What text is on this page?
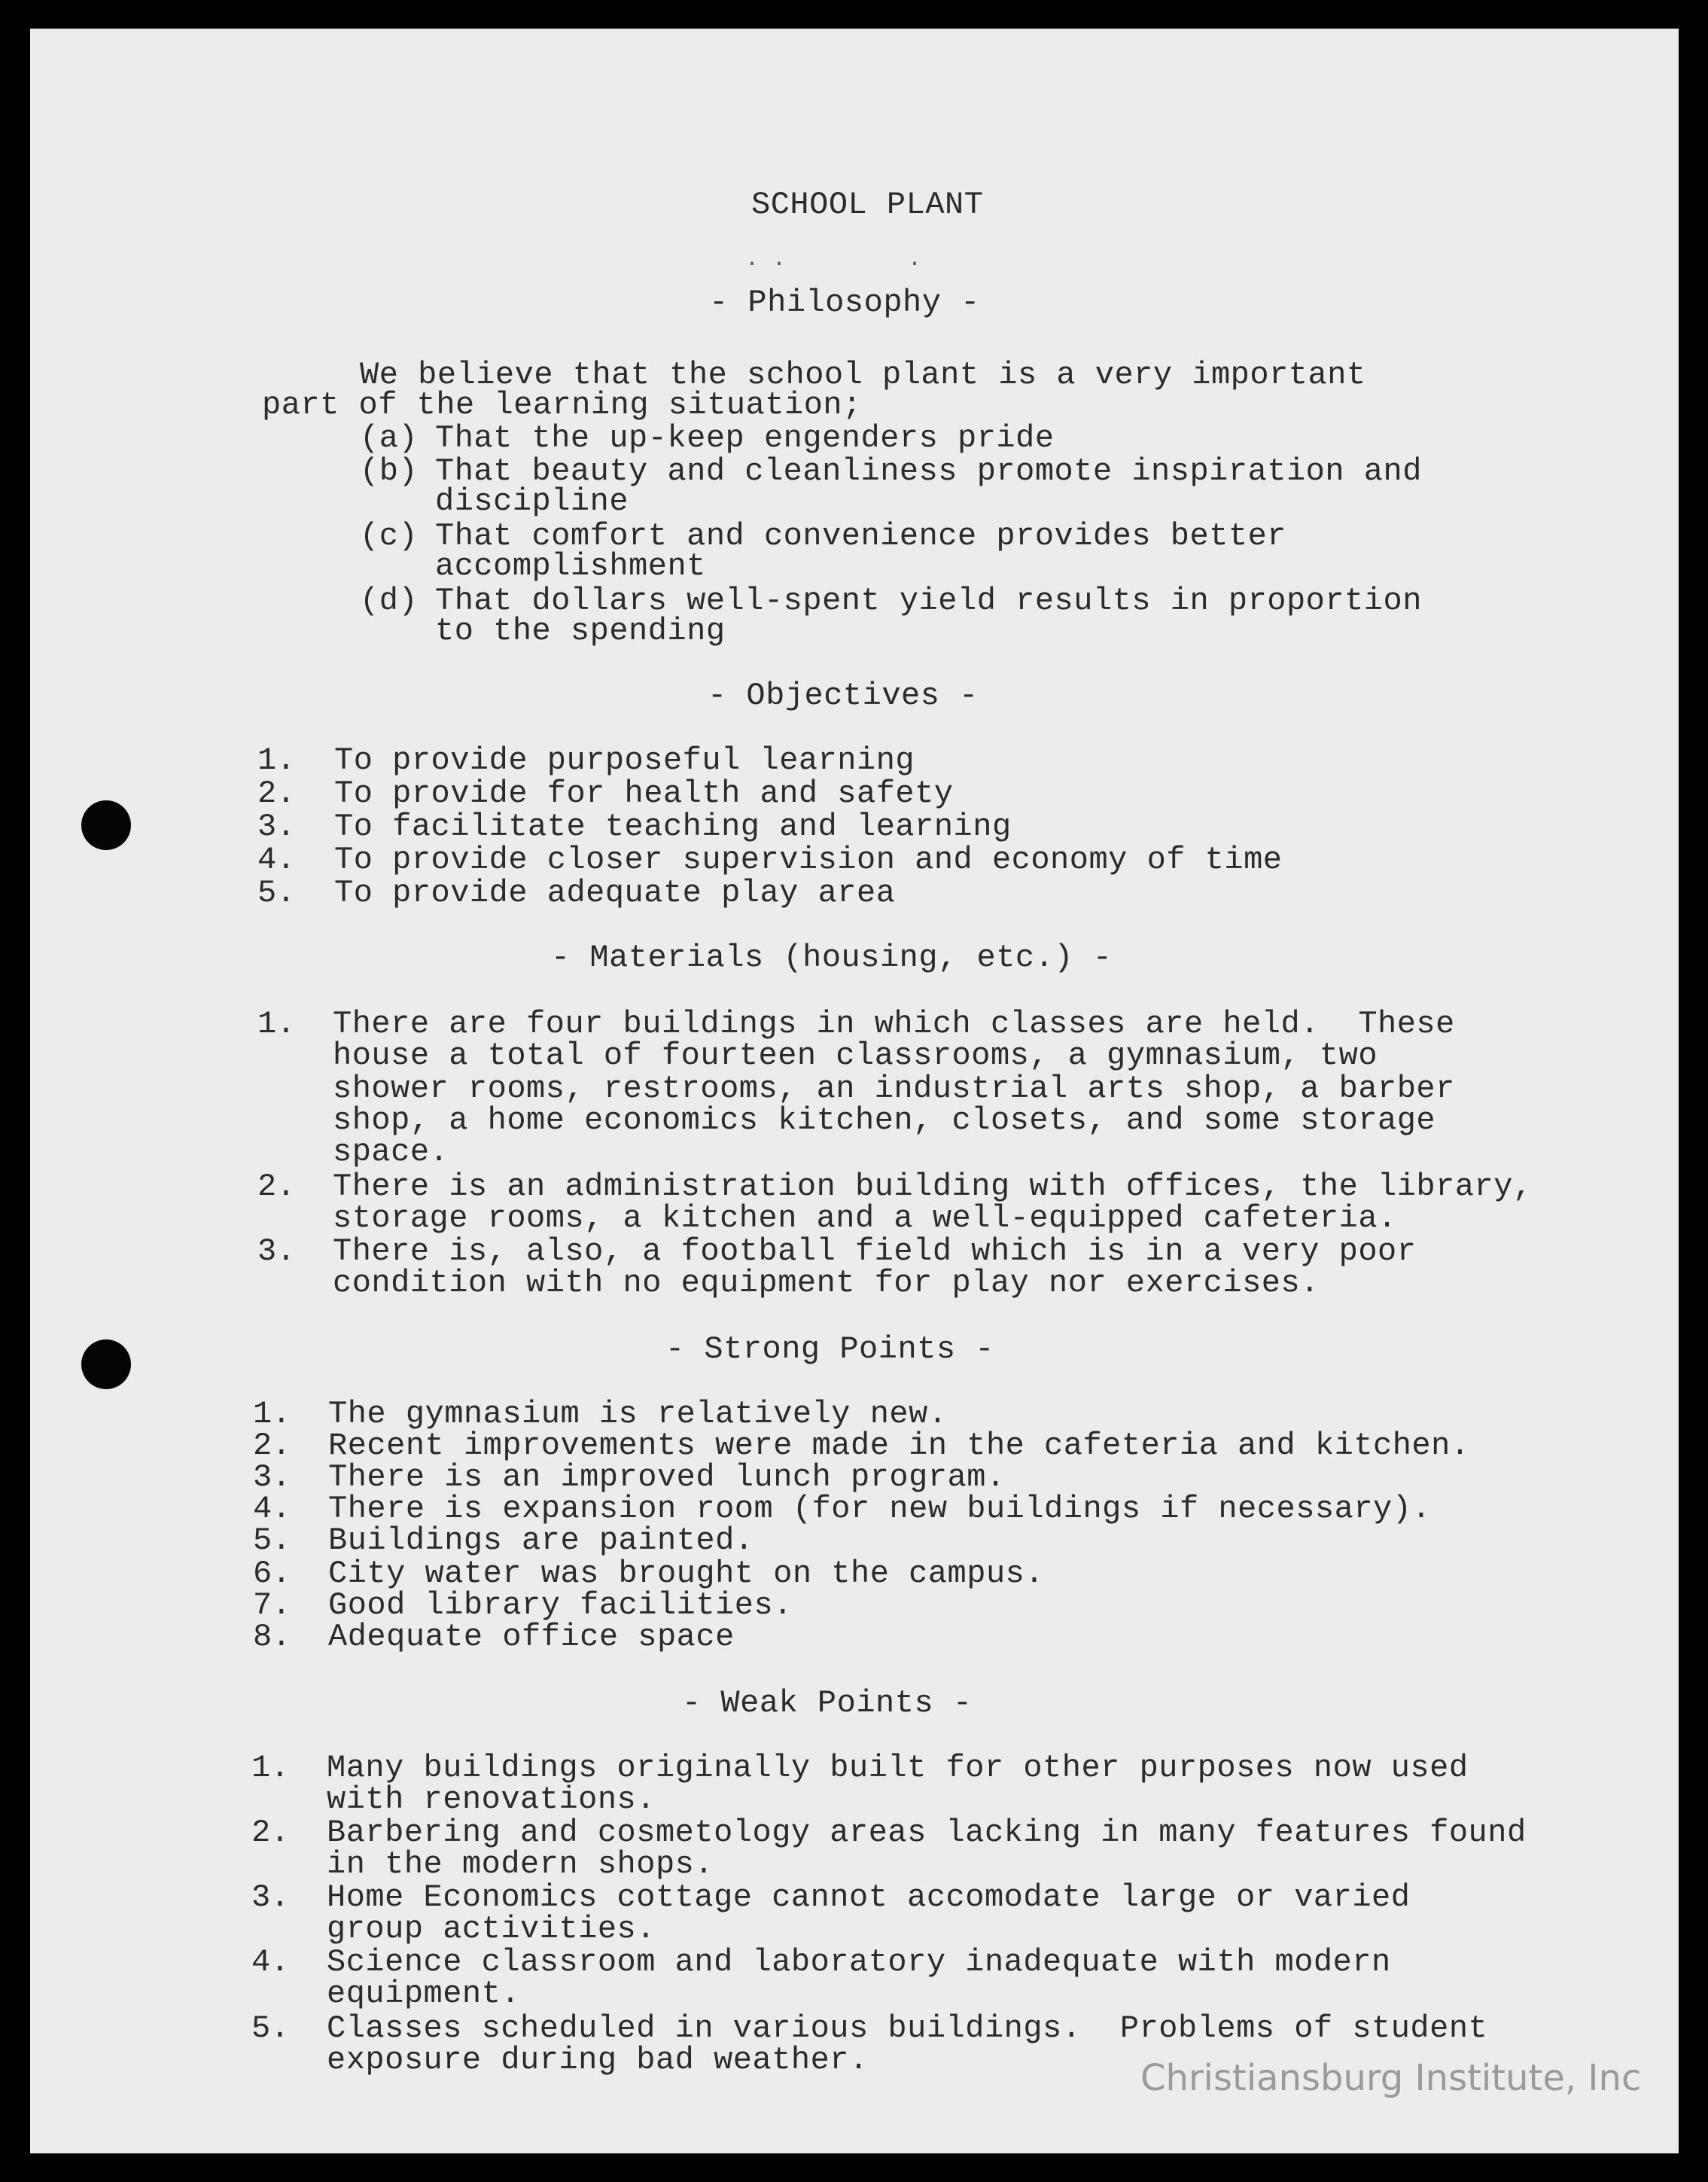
SCHOOL PLANT
. .         .
- Philosophy -
We believe that the school plant is a very important
part of the learning situation;
(a) That the up-keep engenders pride
(b) That beauty and cleanliness promote inspiration and
discipline
(c) That comfort and convenience provides better
accomplishment
(d) That dollars well-spent yield results in proportion
to the spending
- Objectives -
1. To provide purposeful learning
2. To provide for health and safety
3. To facilitate teaching and learning
4. To provide closer supervision and economy of time
5. To provide adequate play area
- Materials (housing, etc.) -
1. There are four buildings in which classes are held.  These
house a total of fourteen classrooms, a gymnasium, two
shower rooms, restrooms, an industrial arts shop, a barber
shop, a home economics kitchen, closets, and some storage
space.
2. There is an administration building with offices, the library,
storage rooms, a kitchen and a well-equipped cafeteria.
3. There is, also, a football field which is in a very poor
condition with no equipment for play nor exercises.
- Strong Points -
1. The gymnasium is relatively new.
2. Recent improvements were made in the cafeteria and kitchen.
3. There is an improved lunch program.
4. There is expansion room (for new buildings if necessary).
5. Buildings are painted.
6. City water was brought on the campus.
7. Good library facilities.
8. Adequate office space
- Weak Points -
1. Many buildings originally built for other purposes now used
with renovations.
2. Barbering and cosmetology areas lacking in many features found
in the modern shops.
3. Home Economics cottage cannot accomodate large or varied
group activities.
4. Science classroom and laboratory inadequate with modern
equipment.
5. Classes scheduled in various buildings.  Problems of student
exposure during bad weather.	Christiansburg Institute, Inc
